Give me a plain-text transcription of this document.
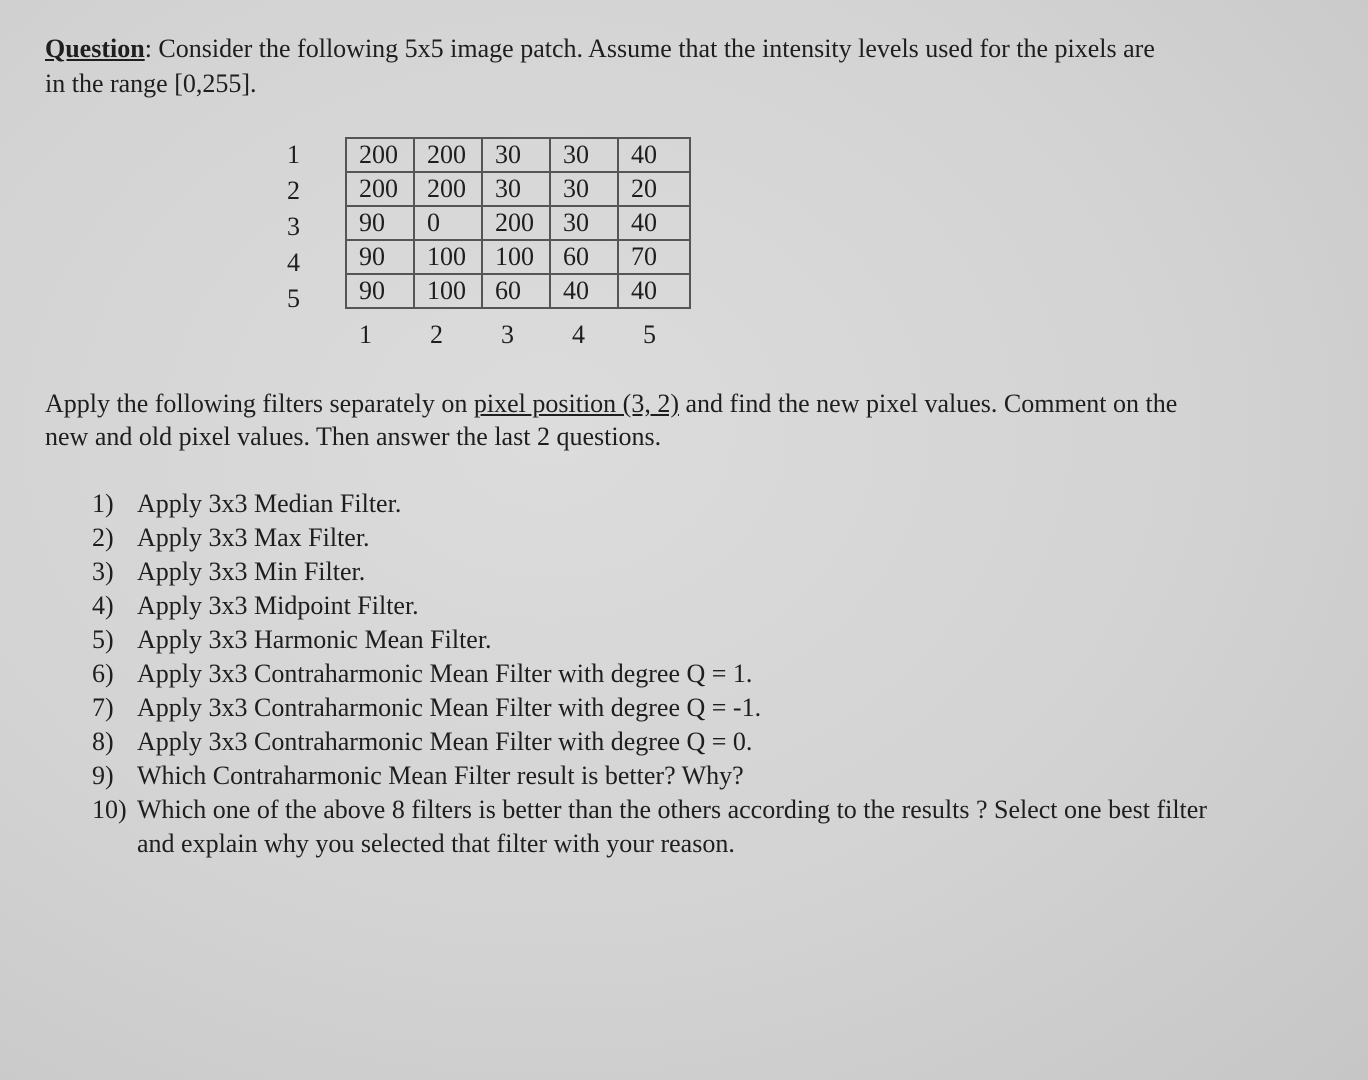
Question: Consider the following 5x5 image patch. Assume that the intensity levels used for the pixels are
in the range [0,255].
1
2
3
4
5
200	200	30	30	40
200	200	30	30	20
90	0	200	30	40
90	100	100	60	70
90	100	60	40	40
1 2 3 4 5
Apply the following filters separately on pixel position (3, 2) and find the new pixel values. Comment on the
new and old pixel values. Then answer the last 2 questions.
1) Apply 3x3 Median Filter.
2) Apply 3x3 Max Filter.
3) Apply 3x3 Min Filter.
4) Apply 3x3 Midpoint Filter.
5) Apply 3x3 Harmonic Mean Filter.
6) Apply 3x3 Contraharmonic Mean Filter with degree Q = 1.
7) Apply 3x3 Contraharmonic Mean Filter with degree Q = -1.
8) Apply 3x3 Contraharmonic Mean Filter with degree Q = 0.
9) Which Contraharmonic Mean Filter result is better? Why?
10) Which one of the above 8 filters is better than the others according to the results ? Select one best filter
and explain why you selected that filter with your reason.
